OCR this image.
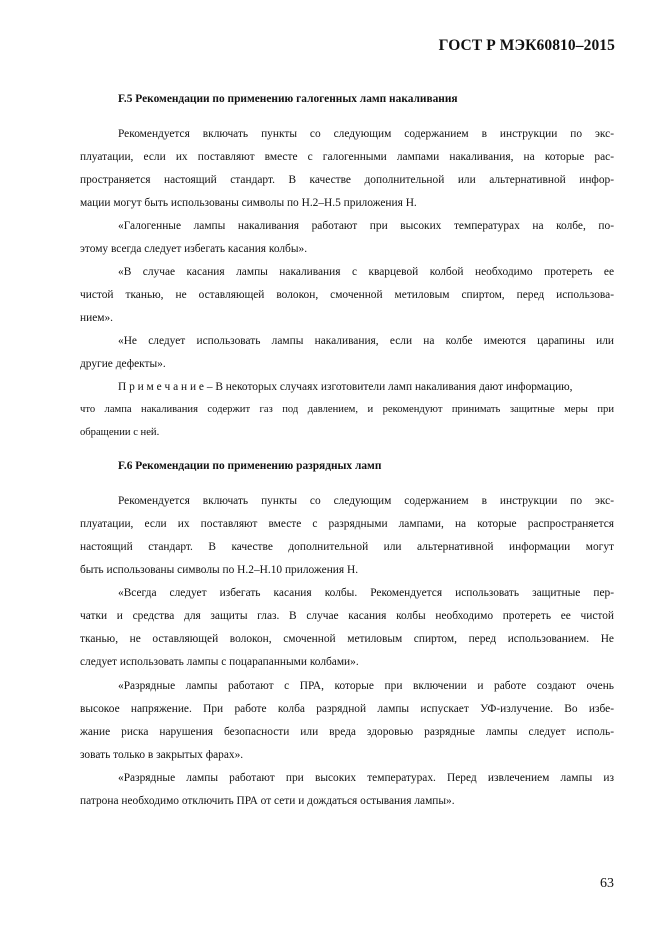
ГОСТ Р МЭК60810–2015
F.5 Рекомендации по применению галогенных ламп накаливания
Рекомендуется включать пункты со следующим содержанием в инструкции по экс-
плуатации, если их поставляют вместе с галогенными лампами накаливания, на которые рас-
пространяется настоящий стандарт. В качестве дополнительной или альтернативной инфор-
мации могут быть использованы символы по Н.2–Н.5 приложения Н.
«Галогенные лампы накаливания работают при высоких температурах на колбе, по-
этому всегда следует избегать касания колбы».
«В случае касания лампы накаливания с кварцевой колбой необходимо протереть ее
чистой тканью, не оставляющей волокон, смоченной метиловым спиртом, перед использова-
нием».
«Не следует использовать лампы накаливания, если на колбе имеются царапины или
другие дефекты».
П р и м е ч а н и е – В некоторых случаях изготовители ламп накаливания дают информацию,
что лампа накаливания содержит газ под давлением, и рекомендуют принимать защитные меры при
обращении с ней.
F.6 Рекомендации по применению разрядных ламп
Рекомендуется включать пункты со следующим содержанием в инструкции по экс-
плуатации, если их поставляют вместе с разрядными лампами, на которые распространяется
настоящий стандарт. В качестве дополнительной или альтернативной информации могут
быть использованы символы по Н.2–Н.10 приложения Н.
«Всегда следует избегать касания колбы. Рекомендуется использовать защитные пер-
чатки и средства для защиты глаз. В случае касания колбы необходимо протереть ее чистой
тканью, не оставляющей волокон, смоченной метиловым спиртом, перед использованием. Не
следует использовать лампы с поцарапанными колбами».
«Разрядные лампы работают с ПРА, которые при включении и работе создают очень
высокое напряжение. При работе колба разрядной лампы испускает УФ-излучение. Во избе-
жание риска нарушения безопасности или вреда здоровью разрядные лампы следует исполь-
зовать только в закрытых фарах».
«Разрядные лампы работают при высоких температурах. Перед извлечением лампы из
патрона необходимо отключить ПРА от сети и дождаться остывания лампы».
63
